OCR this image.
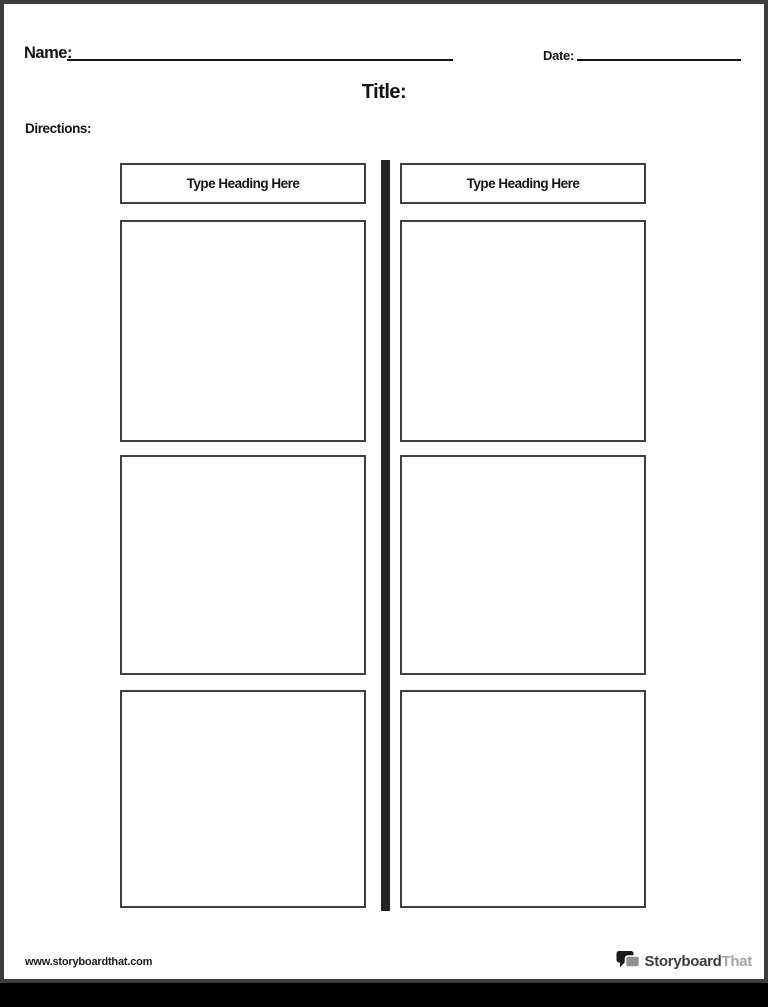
Name:	Date:
Title:
Directions:
Type Heading Here	Type Heading Here
www.storyboardthat.com	StoryboardThat
